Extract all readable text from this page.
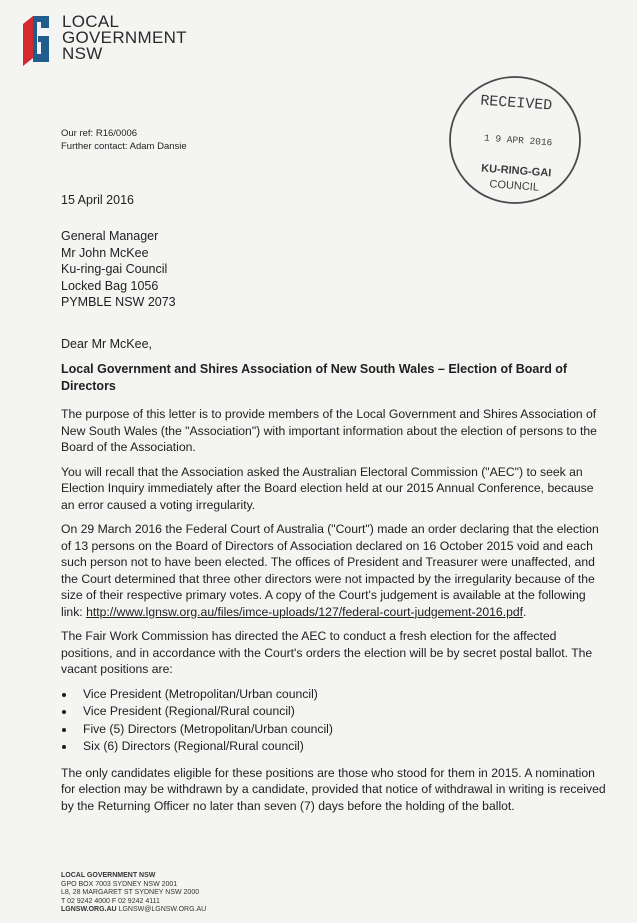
LOCAL
GOVERNMENT
NSW
RECEIVED
1 9 APR 2016
KU-RING-GAI
COUNCIL
Our ref: R16/0006
Further contact: Adam Dansie
15 April 2016
General Manager
Mr John McKee
Ku-ring-gai Council
Locked Bag 1056
PYMBLE NSW 2073
Dear Mr McKee,
Local Government and Shires Association of New South Wales – Election of Board of Directors

The purpose of this letter is to provide members of the Local Government and Shires Association of New South Wales (the "Association") with important information about the election of persons to the Board of the Association.

You will recall that the Association asked the Australian Electoral Commission ("AEC") to seek an Election Inquiry immediately after the Board election held at our 2015 Annual Conference, because an error caused a voting irregularity.

On 29 March 2016 the Federal Court of Australia ("Court") made an order declaring that the election of 13 persons on the Board of Directors of Association declared on 16 October 2015 void and each such person not to have been elected. The offices of President and Treasurer were unaffected, and the Court determined that three other directors were not impacted by the irregularity because of the size of their respective primary votes. A copy of the Court's judgement is available at the following link: http://www.lgnsw.org.au/files/imce-uploads/127/federal-court-judgement-2016.pdf.

The Fair Work Commission has directed the AEC to conduct a fresh election for the affected positions, and in accordance with the Court's orders the election will be by secret postal ballot. The vacant positions are:

Vice President (Metropolitan/Urban council)
Vice President (Regional/Rural council)
Five (5) Directors (Metropolitan/Urban council)
Six (6) Directors (Regional/Rural council)

The only candidates eligible for these positions are those who stood for them in 2015. A nomination for election may be withdrawn by a candidate, provided that notice of withdrawal in writing is received by the Returning Officer no later than seven (7) days before the holding of the ballot.

LOCAL GOVERNMENT NSW
GPO BOX 7003 SYDNEY NSW 2001
L8, 28 MARGARET ST SYDNEY NSW 2000
T 02 9242 4000 F 02 9242 4111
LGNSW.ORG.AU LGNSW@LGNSW.ORG.AU
